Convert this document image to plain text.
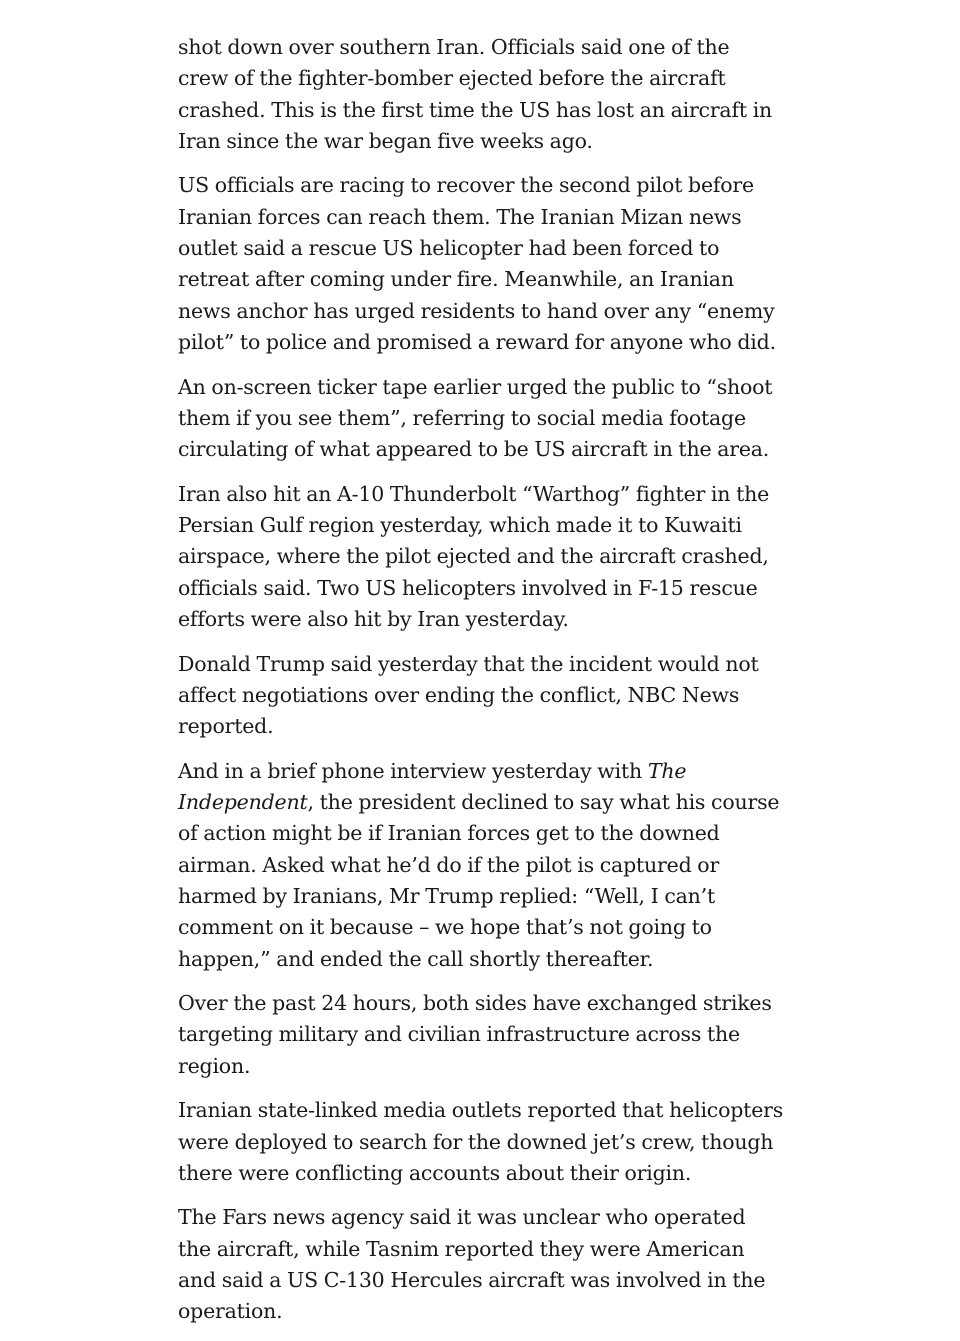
shot down over southern Iran. Officials said one of the crew of the fighter-bomber ejected before the aircraft crashed. This is the first time the US has lost an aircraft in Iran since the war began five weeks ago.

US officials are racing to recover the second pilot before Iranian forces can reach them. The Iranian Mizan news outlet said a rescue US helicopter had been forced to retreat after coming under fire. Meanwhile, an Iranian news anchor has urged residents to hand over any “enemy pilot” to police and promised a reward for anyone who did.

An on-screen ticker tape earlier urged the public to “shoot them if you see them”, referring to social media footage circulating of what appeared to be US aircraft in the area.

Iran also hit an A-10 Thunderbolt “Warthog” fighter in the Persian Gulf region yesterday, which made it to Kuwaiti airspace, where the pilot ejected and the aircraft crashed, officials said. Two US helicopters involved in F-15 rescue efforts were also hit by Iran yesterday.

Donald Trump said yesterday that the incident would not affect negotiations over ending the conflict, NBC News reported.

And in a brief phone interview yesterday with The Independent, the president declined to say what his course of action might be if Iranian forces get to the downed airman. Asked what he’d do if the pilot is captured or harmed by Iranians, Mr Trump replied: “Well, I can’t comment on it because – we hope that’s not going to happen,” and ended the call shortly thereafter.

Over the past 24 hours, both sides have exchanged strikes targeting military and civilian infrastructure across the region.

Iranian state-linked media outlets reported that helicopters were deployed to search for the downed jet’s crew, though there were conflicting accounts about their origin.

The Fars news agency said it was unclear who operated the aircraft, while Tasnim reported they were American and said a US C-130 Hercules aircraft was involved in the operation.
